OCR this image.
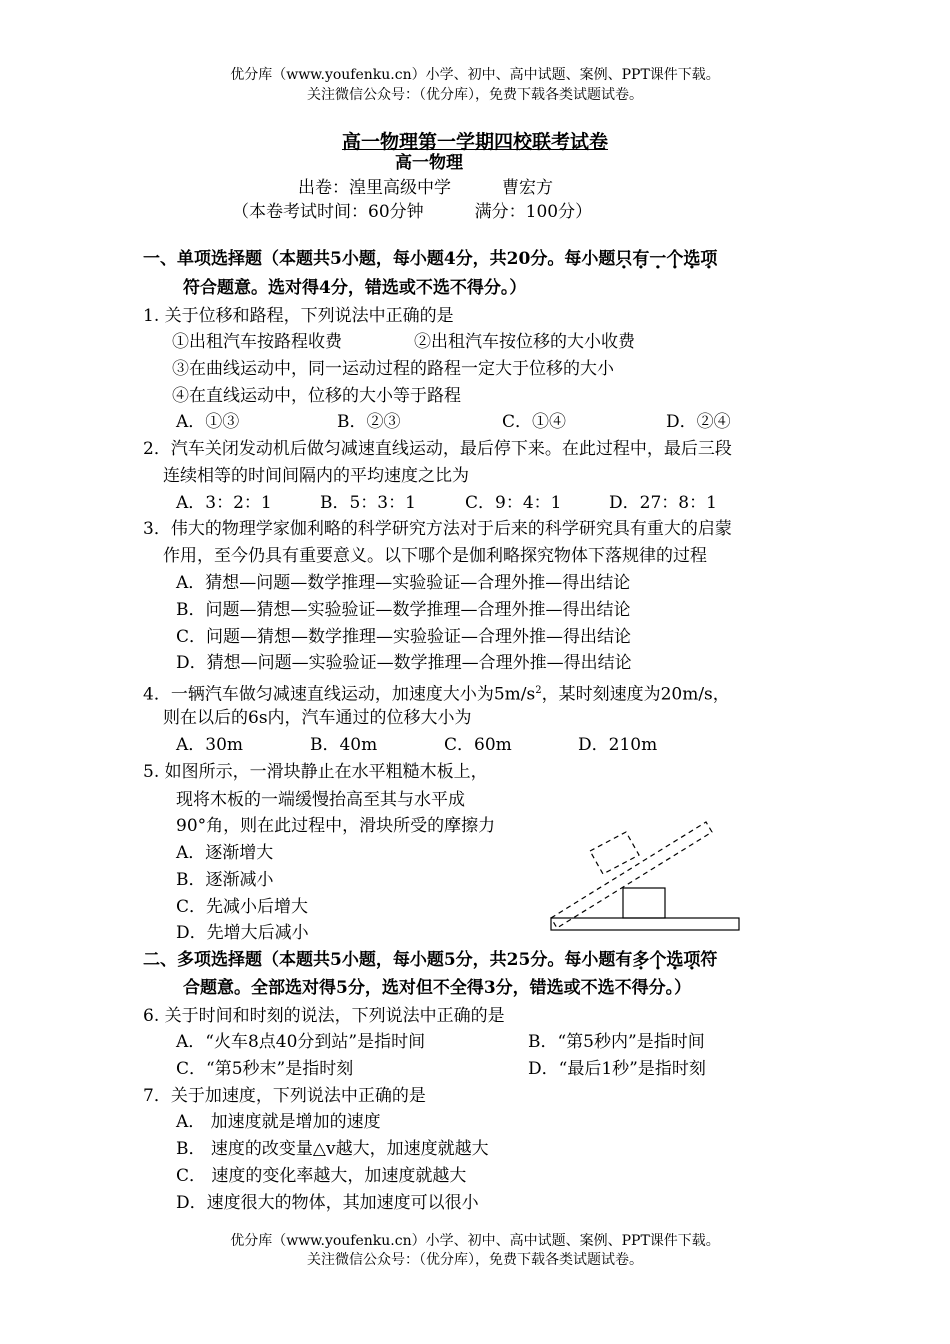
优分库（www.youfenku.cn）小学、初中、高中试题、案例、PPT课件下载。
关注微信公众号：（优分库），免费下载各类试题试卷。
高一物理第一学期四校联考试卷
高一物理
出卷：湟里高级中学　　　曹宏方
（本卷考试时间：60分钟　　　满分：100分）
一、单项选择题（本题共5小题，每小题4分，共20分。每小题只有一个选项
符合题意。选对得4分，错选或不选不得分。）
1. 关于位移和路程，下列说法中正确的是
①出租汽车按路程收费	②出租汽车按位移的大小收费
③在曲线运动中，同一运动过程的路程一定大于位移的大小
④在直线运动中，位移的大小等于路程
A．①③	B．②③	C．①④	D．②④
2．汽车关闭发动机后做匀减速直线运动，最后停下来。在此过程中，最后三段
连续相等的时间间隔内的平均速度之比为
A．3：2：1	B．5：3：1	C．9：4：1	D．27：8：1
3．伟大的物理学家伽利略的科学研究方法对于后来的科学研究具有重大的启蒙
作用，至今仍具有重要意义。以下哪个是伽利略探究物体下落规律的过程
A．猜想—问题—数学推理—实验验证—合理外推—得出结论
B．问题—猜想—实验验证—数学推理—合理外推—得出结论
C．问题—猜想—数学推理—实验验证—合理外推—得出结论
D．猜想—问题—实验验证—数学推理—合理外推—得出结论
4．一辆汽车做匀减速直线运动，加速度大小为$5m/s^2$，某时刻速度为20m/s，
则在以后的6s内，汽车通过的位移大小为
A．30m	B．40m	C．60m	D．210m
5. 如图所示，一滑块静止在水平粗糙木板上，
现将木板的一端缓慢抬高至其与水平成
90°角，则在此过程中，滑块所受的摩擦力
A．逐渐增大
B．逐渐减小
C．先减小后增大
D．先增大后减小
二、多项选择题（本题共5小题，每小题5分，共25分。每小题有多个选项符
合题意。全部选对得5分，选对但不全得3分，错选或不选不得分。）
6. 关于时间和时刻的说法，下列说法中正确的是
A．“火车8点40分到站”是指时间	B．“第5秒内”是指时间
C．“第5秒末”是指时刻	D．“最后1秒”是指时刻
7．关于加速度，下列说法中正确的是
A． 加速度就是增加的速度
B． 速度的改变量△v越大，加速度就越大
C． 速度的变化率越大，加速度就越大
D．速度很大的物体，其加速度可以很小
优分库（www.youfenku.cn）小学、初中、高中试题、案例、PPT课件下载。
关注微信公众号：（优分库），免费下载各类试题试卷。
